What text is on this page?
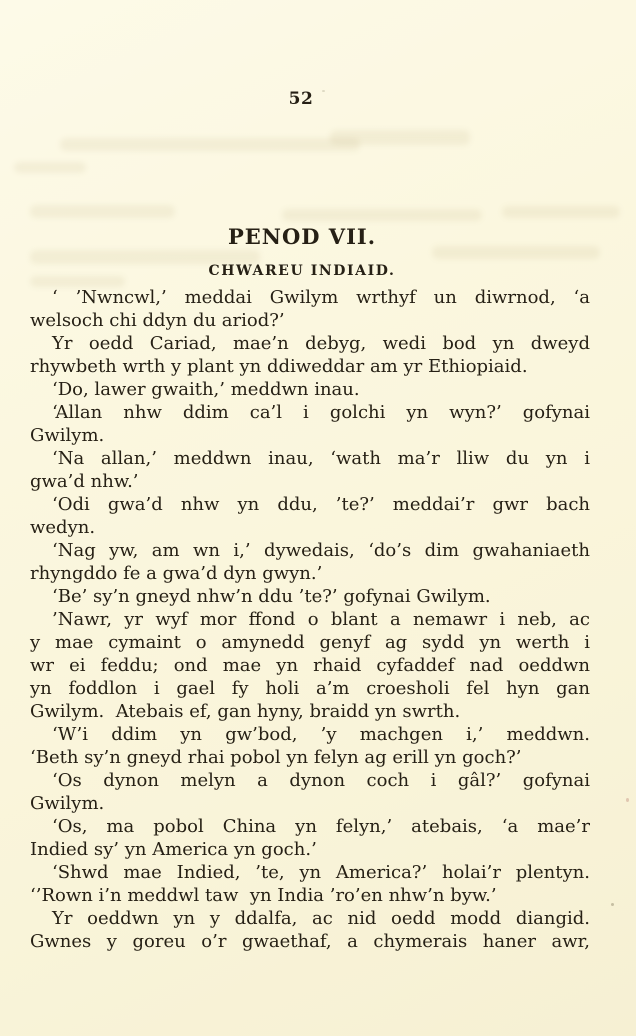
52
PENOD VII.
CHWAREU INDIAID.
‘ ’Nwncwl,’ meddai Gwilym wrthyf un diwrnod, ‘a
welsoch chi ddyn du ariod?’
Yr oedd Cariad, mae’n debyg, wedi bod yn dweyd
rhywbeth wrth y plant yn ddiweddar am yr Ethiopiaid.
‘Do, lawer gwaith,’ meddwn inau.
‘Allan nhw ddim ca’l i golchi yn wyn?’ gofynai
Gwilym.
‘Na allan,’ meddwn inau, ‘wath ma’r lliw du yn i
gwa’d nhw.’
‘Odi gwa’d nhw yn ddu, ’te?’ meddai’r gwr bach
wedyn.
‘Nag yw, am wn i,’ dywedais, ‘do’s dim gwahaniaeth
rhyngddo fe a gwa’d dyn gwyn.’
‘Be’ sy’n gneyd nhw’n ddu ’te?’ gofynai Gwilym.
’Nawr, yr wyf mor ffond o blant a nemawr i neb, ac
y mae cymaint o amynedd genyf ag sydd yn werth i
wr ei feddu; ond mae yn rhaid cyfaddef nad oeddwn
yn foddlon i gael fy holi a’m croesholi fel hyn gan
Gwilym.  Atebais ef, gan hyny, braidd yn swrth.
‘W’i ddim yn gw’bod, ’y machgen i,’ meddwn.
‘Beth sy’n gneyd rhai pobol yn felyn ag erill yn goch?’
‘Os dynon melyn a dynon coch i gâl?’ gofynai
Gwilym.
‘Os, ma pobol China yn felyn,’ atebais, ‘a mae’r
Indied sy’ yn America yn goch.’
‘Shwd mae Indied, ’te, yn America?’ holai’r plentyn.
‘’Rown i’n meddwl taw  yn India ’ro’en nhw’n byw.’
Yr oeddwn yn y ddalfa, ac nid oedd modd diangid.
Gwnes y goreu o’r gwaethaf, a chymerais haner awr,
